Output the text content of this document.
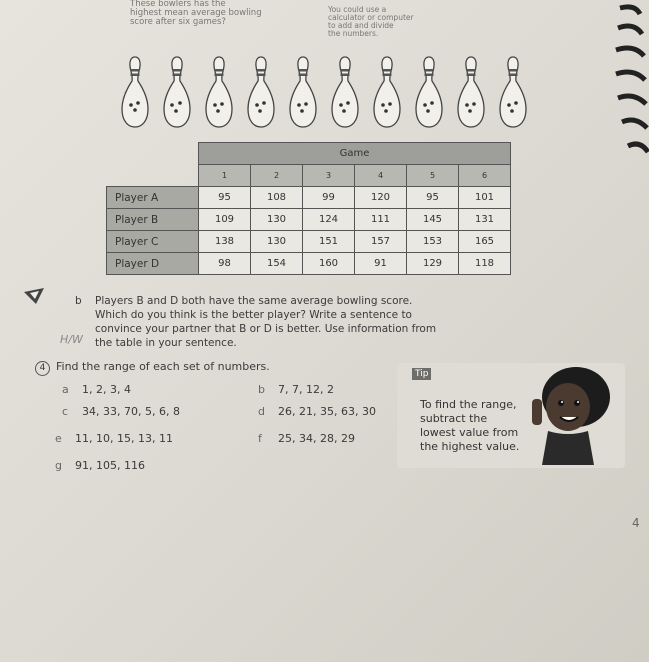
These bowlers has the
highest mean average bowling
score after six games?
You could use a
calculator or computer
to add and divide
the numbers.
	Game					
	1	2	3	4	5	6
Player A	95	108	99	120	95	101
Player B	109	130	124	111	145	131
Player C	138	130	151	157	153	165
Player D	98	154	160	91	129	118
b Players B and D both have the same average bowling score.
Which do you think is the better player? Write a sentence to
convince your partner that B or D is better. Use information from
the table in your sentence.
H/W
4 Find the range of each set of numbers.
a 1, 2, 3, 4	b 7, 7, 12, 2
c 34, 33, 70, 5, 6, 8	d 26, 21, 35, 63, 30
e 11, 10, 15, 13, 11	f 25, 34, 28, 29
g 91, 105, 116
Tip
To find the range,
subtract the
lowest value from
the highest value.
4
